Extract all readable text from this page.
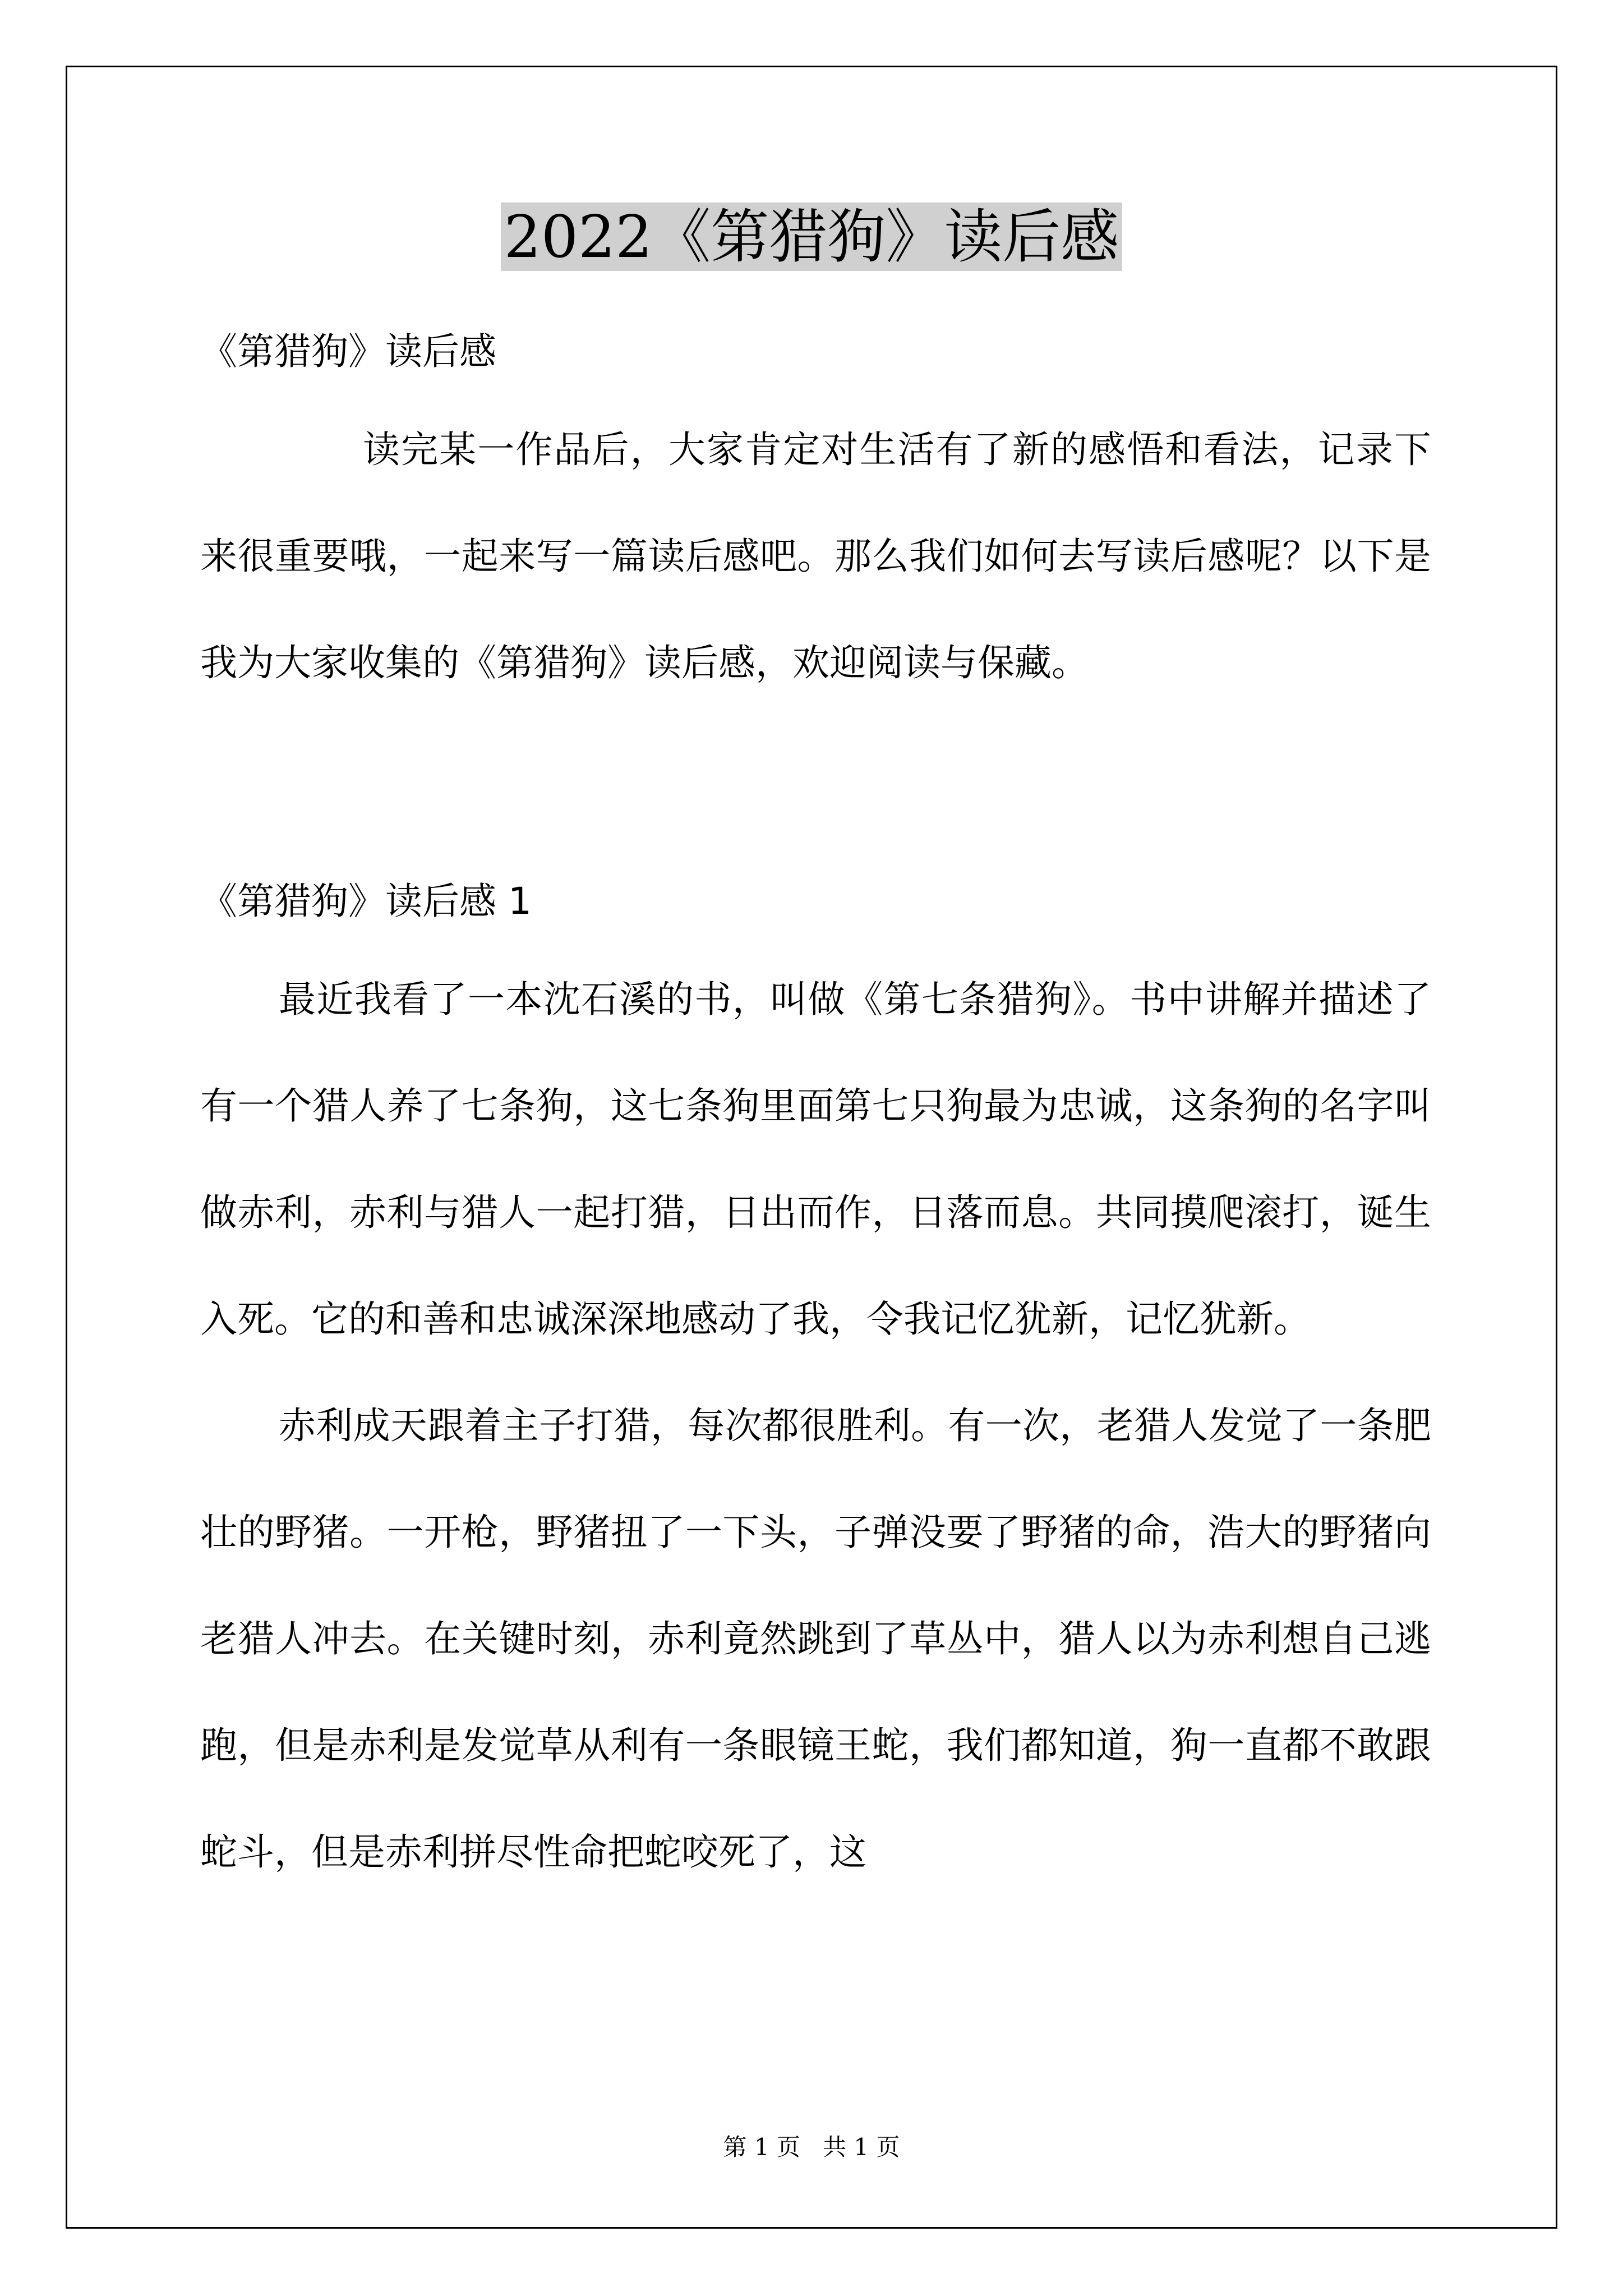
2022《第猎狗》读后感

《第猎狗》读后感

读完某一作品后，大家肯定对生活有了新的感悟和看法，记录下来很重要哦，一起来写一篇读后感吧。那么我们如何去写读后感呢？以下是我为大家收集的《第猎狗》读后感，欢迎阅读与保藏。

《第猎狗》读后感 1

最近我看了一本沈石溪的书，叫做《第七条猎狗》。书中讲解并描述了有一个猎人养了七条狗，这七条狗里面第七只狗最为忠诚，这条狗的名字叫做赤利，赤利与猎人一起打猎，日出而作，日落而息。共同摸爬滚打，诞生入死。它的和善和忠诚深深地感动了我，令我记忆犹新，记忆犹新。

赤利成天跟着主子打猎，每次都很胜利。有一次，老猎人发觉了一条肥壮的野猪。一开枪，野猪扭了一下头，子弹没要了野猪的命，浩大的野猪向老猎人冲去。在关键时刻，赤利竟然跳到了草丛中，猎人以为赤利想自己逃跑，但是赤利是发觉草从利有一条眼镜王蛇，我们都知道，狗一直都不敢跟蛇斗，但是赤利拼尽性命把蛇咬死了，这

第 1 页   共 1 页
